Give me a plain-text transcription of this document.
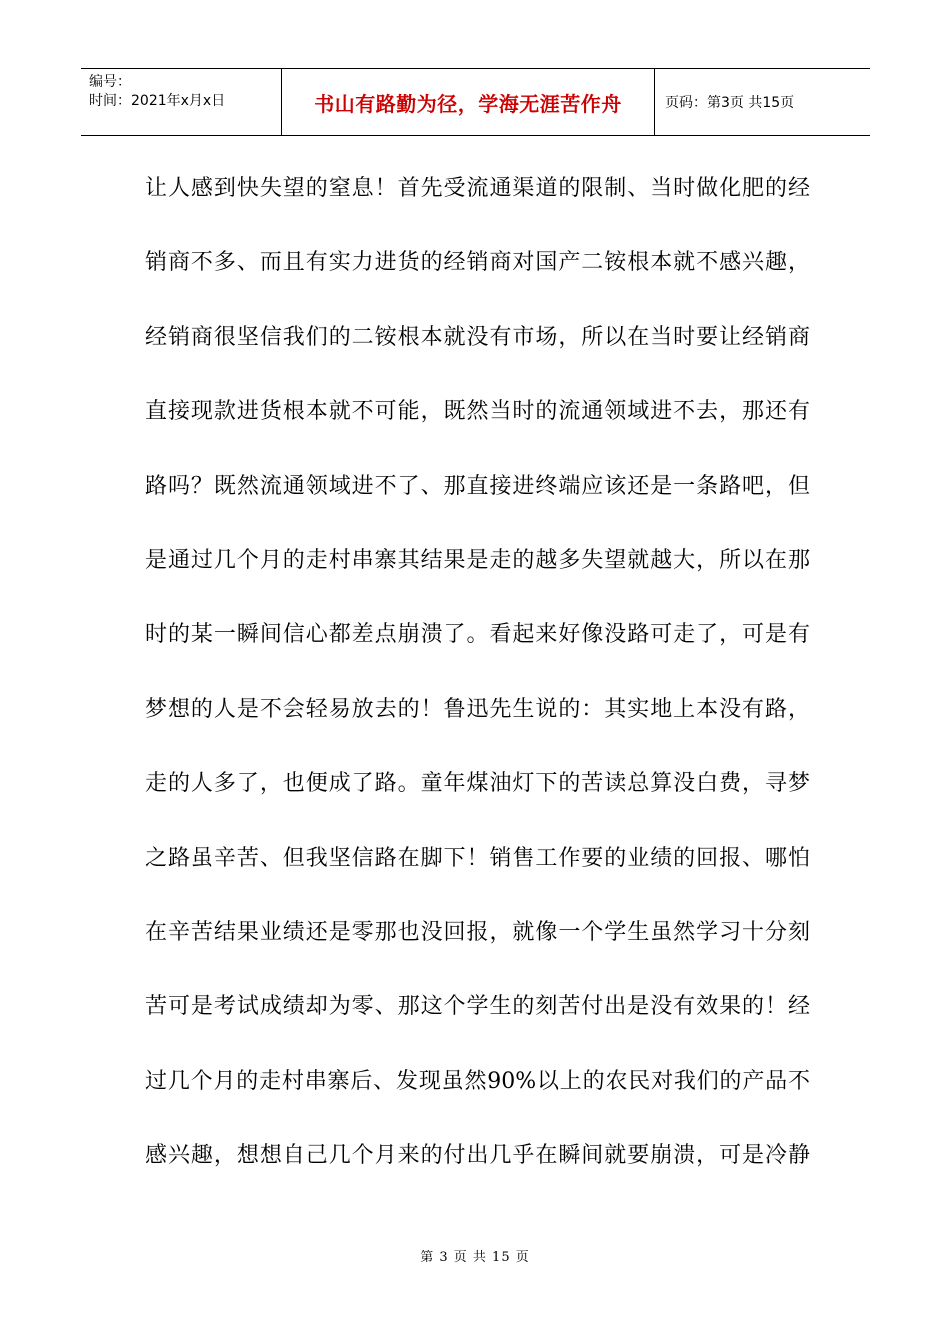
编号：
时间：2021年x月x日	书山有路勤为径，学海无涯苦作舟	页码：第3页 共15页
让人感到快失望的窒息！首先受流通渠道的限制、当时做化肥的经
销商不多、而且有实力进货的经销商对国产二铵根本就不感兴趣，
经销商很坚信我们的二铵根本就没有市场，所以在当时要让经销商
直接现款进货根本就不可能，既然当时的流通领域进不去，那还有
路吗？既然流通领域进不了、那直接进终端应该还是一条路吧，但
是通过几个月的走村串寨其结果是走的越多失望就越大，所以在那
时的某一瞬间信心都差点崩溃了。看起来好像没路可走了，可是有
梦想的人是不会轻易放去的！鲁迅先生说的：其实地上本没有路，
走的人多了，也便成了路。童年煤油灯下的苦读总算没白费，寻梦
之路虽辛苦、但我坚信路在脚下！销售工作要的业绩的回报、哪怕
在辛苦结果业绩还是零那也没回报，就像一个学生虽然学习十分刻
苦可是考试成绩却为零、那这个学生的刻苦付出是没有效果的！经
过几个月的走村串寨后、发现虽然90%以上的农民对我们的产品不
感兴趣，想想自己几个月来的付出几乎在瞬间就要崩溃，可是冷静
第 3 页 共 15 页
